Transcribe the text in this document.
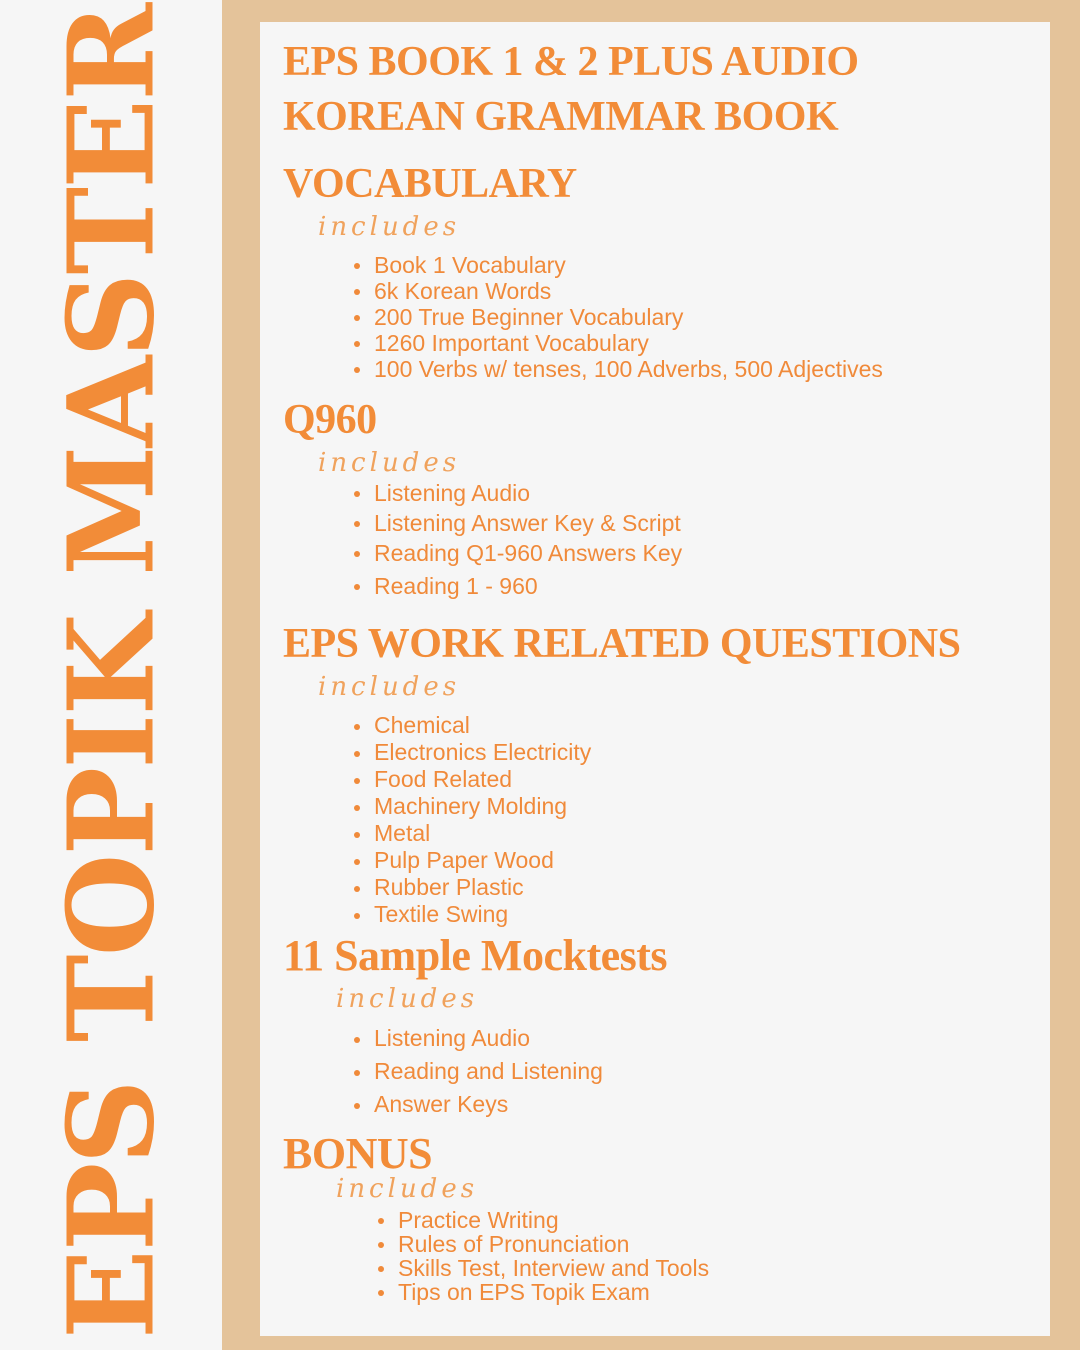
EPS TOPIK MASTER EPS BOOK 1 & 2 PLUS AUDIO
KOREAN GRAMMAR BOOK
VOCABULARY
includes
Book 1 Vocabulary
6k Korean Words
200 True Beginner Vocabulary
1260 Important Vocabulary
100 Verbs w/ tenses, 100 Adverbs, 500 Adjectives
Q960
includes
Listening Audio
Listening Answer Key & Script
Reading Q1-960 Answers Key
Reading 1 - 960
EPS WORK RELATED QUESTIONS
includes
Chemical
Electronics Electricity
Food Related
Machinery Molding
Metal
Pulp Paper Wood
Rubber Plastic
Textile Swing
11 Sample Mocktests
includes
Listening Audio
Reading and Listening
Answer Keys
BONUS
includes
Practice Writing
Rules of Pronunciation
Skills Test, Interview and Tools
Tips on EPS Topik Exam
